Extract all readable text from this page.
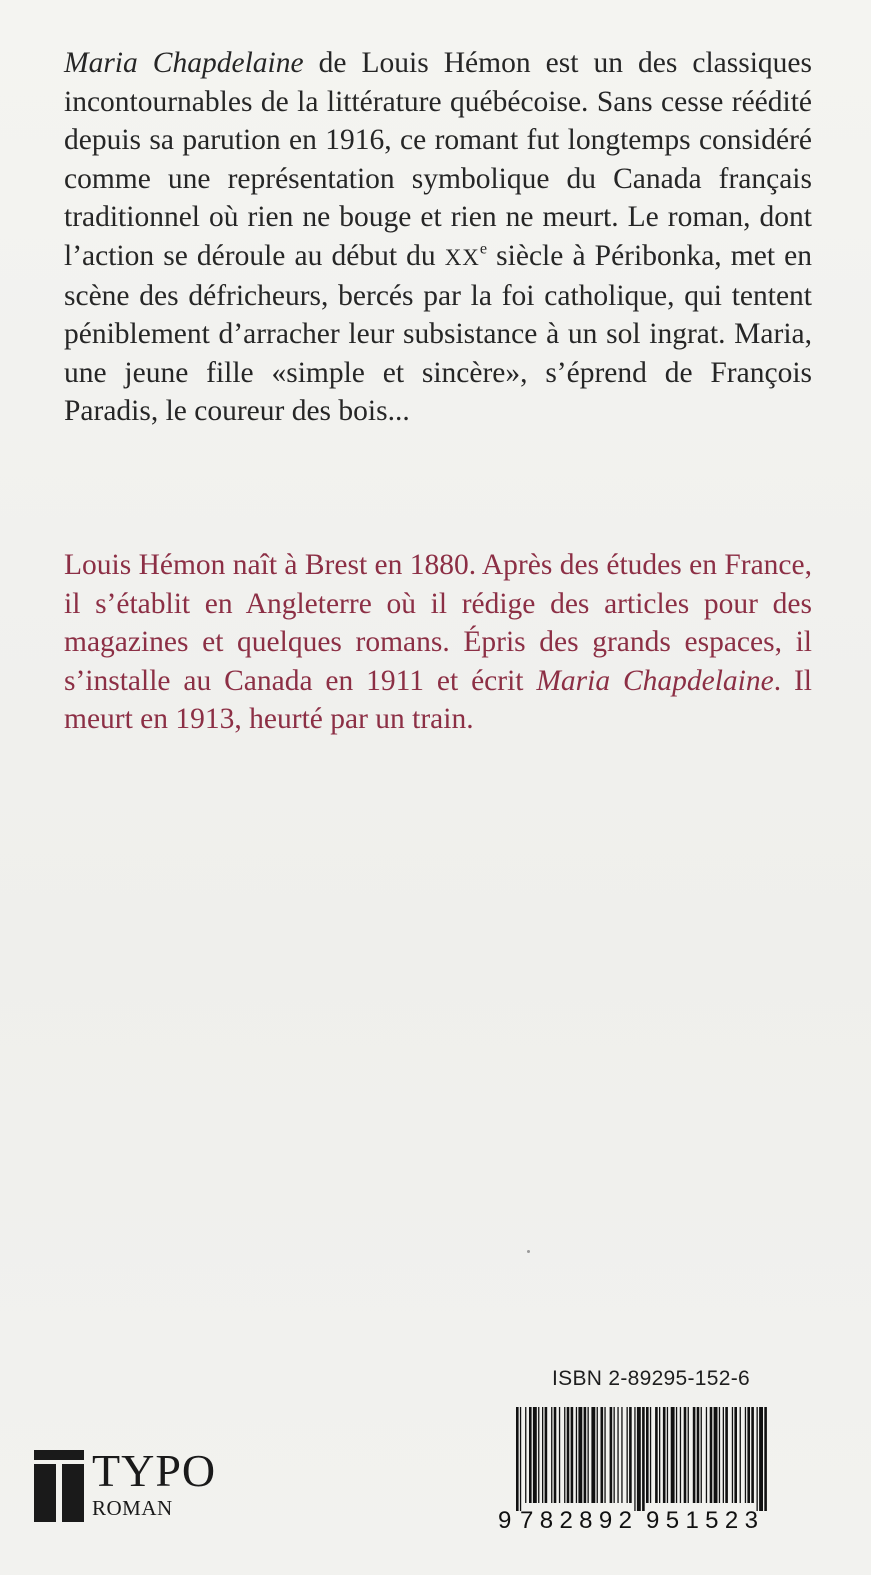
Maria Chapdelaine de Louis Hémon est un des classiques incontournables de la littérature québécoise. Sans cesse réédité depuis sa parution en 1916, ce romant fut longtemps considéré comme une représentation symbolique du Canada français traditionnel où rien ne bouge et rien ne meurt. Le roman, dont l’action se déroule au début du XXe siècle à Péribonka, met en scène des défricheurs, bercés par la foi catholique, qui tentent péniblement d’arracher leur subsistance à un sol ingrat. Maria, une jeune fille «simple et sincère», s’éprend de François Paradis, le coureur des bois...

Louis Hémon naît à Brest en 1880. Après des études en France, il s’établit en Angleterre où il rédige des articles pour des magazines et quelques romans. Épris des grands espaces, il s’installe au Canada en 1911 et écrit Maria Chapdelaine. Il meurt en 1913, heurté par un train.

ISBN 2-89295-152-6
9 782892 951523
TYPO
ROMAN
